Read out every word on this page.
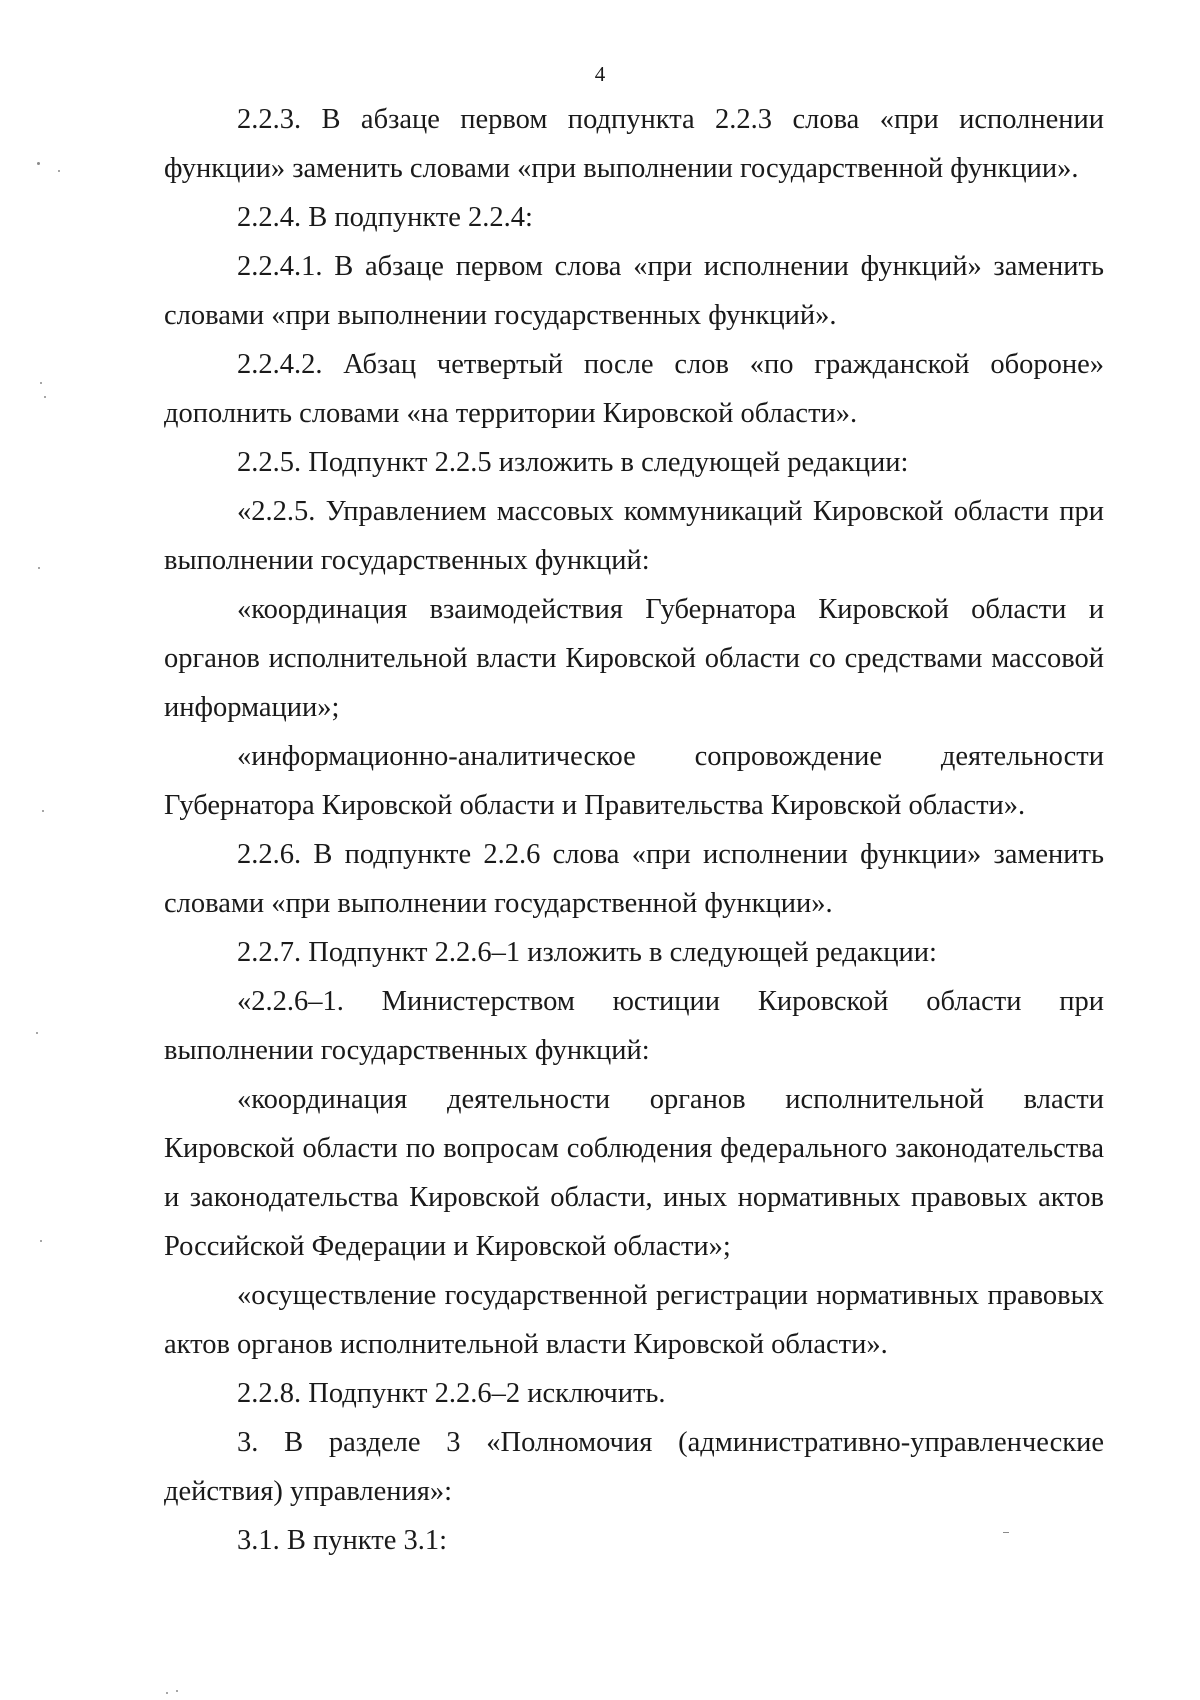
4

2.2.3. В абзаце первом подпункта 2.2.3 слова «при исполнении функции» заменить словами «при выполнении государственной функции».

2.2.4. В подпункте 2.2.4:

2.2.4.1. В абзаце первом слова «при исполнении функций» заменить словами «при выполнении государственных функций».

2.2.4.2. Абзац четвертый после слов «по гражданской обороне» дополнить словами «на территории Кировской области».

2.2.5. Подпункт 2.2.5 изложить в следующей редакции:

«2.2.5. Управлением массовых коммуникаций Кировской области при выполнении государственных функций:

«координация взаимодействия Губернатора Кировской области и органов исполнительной власти Кировской области со средствами массовой информации»;

«информационно-аналитическое сопровождение деятельности Губернатора Кировской области и Правительства Кировской области».

2.2.6. В подпункте 2.2.6 слова «при исполнении функции» заменить словами «при выполнении государственной функции».

2.2.7. Подпункт 2.2.6–1 изложить в следующей редакции:

«2.2.6–1. Министерством юстиции Кировской области при выполнении государственных функций:

«координация деятельности органов исполнительной власти Кировской области по вопросам соблюдения федерального законодательства и законодательства Кировской области, иных нормативных правовых актов Российской Федерации и Кировской области»;

«осуществление государственной регистрации нормативных правовых актов органов исполнительной власти Кировской области».

2.2.8. Подпункт 2.2.6–2 исключить.

3. В разделе 3 «Полномочия (административно-управленческие действия) управления»:

3.1. В пункте 3.1:
